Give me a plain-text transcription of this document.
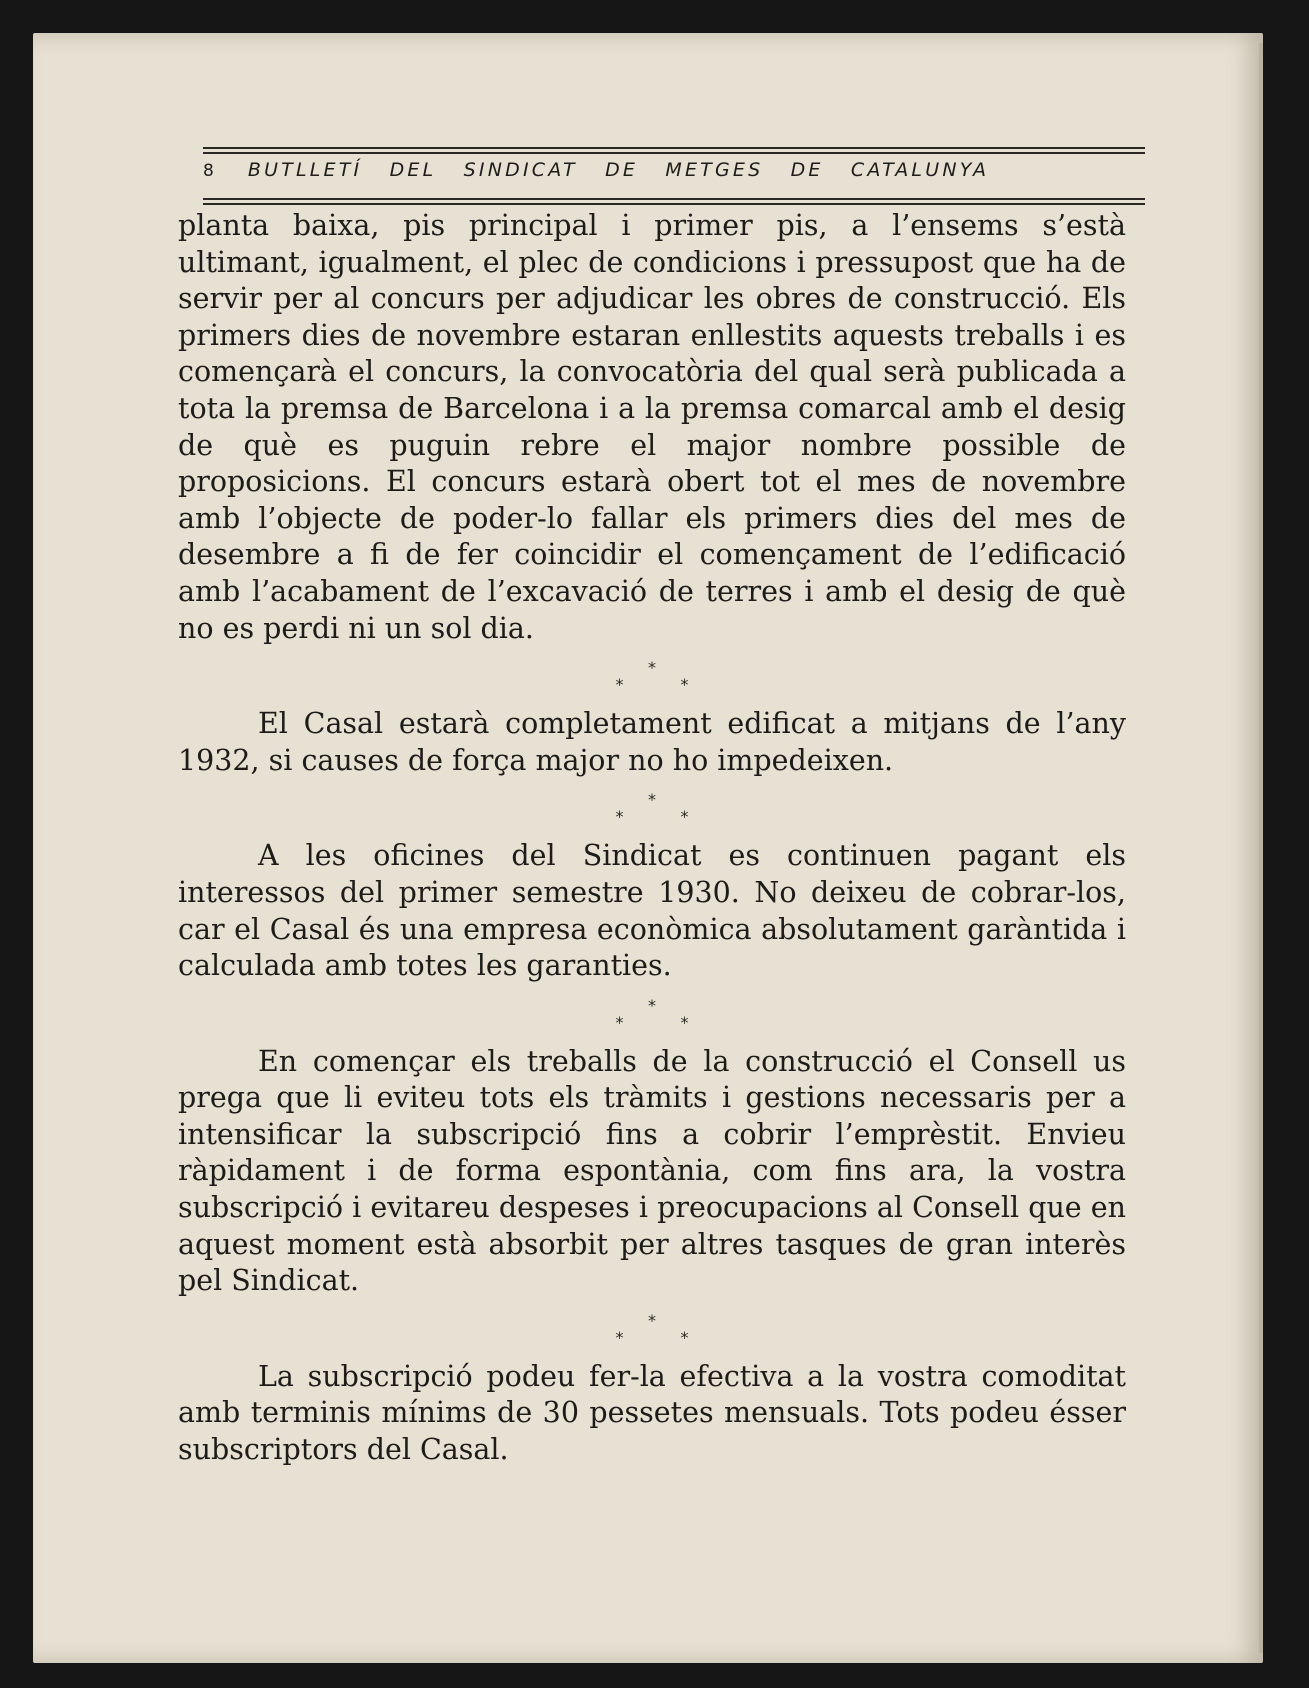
8 BUTLLETÍ DEL SINDICAT DE METGES DE CATALUNYA

planta baixa, pis principal i primer pis, a l’ensems s’està ultimant, igualment, el plec de condicions i pressupost que ha de servir per al concurs per adjudicar les obres de construcció. Els primers dies de novembre estaran enllestits aquests treballs i es començarà el concurs, la convocatòria del qual serà publicada a tota la premsa de Barcelona i a la premsa comarcal amb el desig de què es puguin rebre el major nombre possible de proposicions. El concurs estarà obert tot el mes de novembre amb l’objecte de poder-lo fallar els primers dies del mes de desembre a fi de fer coincidir el començament de l’edificació amb l’acabament de l’excavació de terres i amb el desig de què no es perdi ni un sol dia.

*
* *

El Casal estarà completament edificat a mitjans de l’any 1932, si causes de força major no ho impedeixen.

*
* *

A les oficines del Sindicat es continuen pagant els interessos del primer semestre 1930. No deixeu de cobrar-los, car el Casal és una empresa econòmica absolutament garàntida i calculada amb totes les garanties.

*
* *

En començar els treballs de la construcció el Consell us prega que li eviteu tots els tràmits i gestions necessaris per a intensificar la subscripció fins a cobrir l’emprèstit. Envieu ràpidament i de forma espontània, com fins ara, la vostra subscripció i evitareu despeses i preocupacions al Consell que en aquest moment està absorbit per altres tasques de gran interès pel Sindicat.

*
* *

La subscripció podeu fer-la efectiva a la vostra comoditat amb terminis mínims de 30 pessetes mensuals. Tots podeu ésser subscriptors del Casal.
